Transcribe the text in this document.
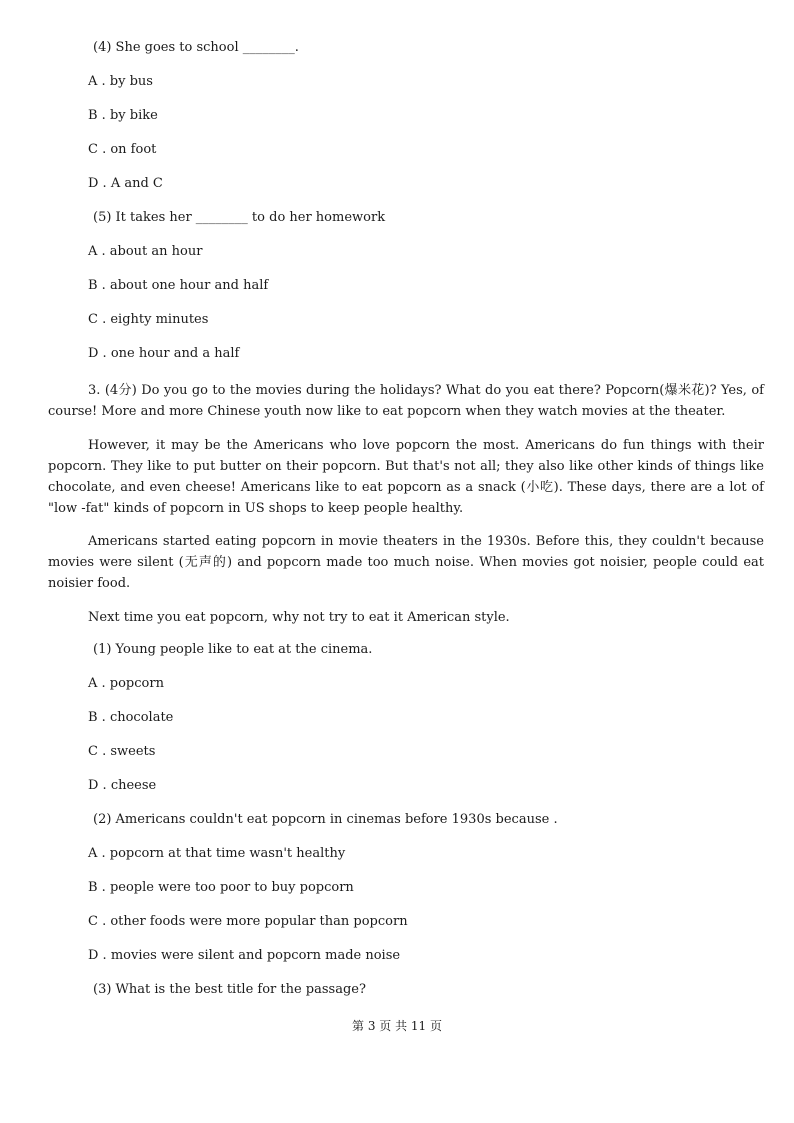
(4) She goes to school ________.
A . by bus
B . by bike
C . on foot
D . A and C
(5) It takes her ________ to do her homework
A . about an hour
B . about one hour and half
C . eighty minutes
D . one hour and a half
3. (4分) Do you go to the movies during the holidays? What do you eat there? Popcorn(爆米花)? Yes, of course! More and more Chinese youth now like to eat popcorn when they watch movies at the theater.
However, it may be the Americans who love popcorn the most. Americans do fun things with their popcorn. They like to put butter on their popcorn. But that's not all; they also like other kinds of things like chocolate, and even cheese! Americans like to eat popcorn as a snack (小吃). These days, there are a lot of "low -fat" kinds of popcorn in US shops to keep people healthy.
Americans started eating popcorn in movie theaters in the 1930s. Before this, they couldn't because movies were silent (无声的) and popcorn made too much noise. When movies got noisier, people could eat noisier food.
Next time you eat popcorn, why not try to eat it American style.
(1) Young people like to eat at the cinema.
A . popcorn
B . chocolate
C . sweets
D . cheese
(2) Americans couldn't eat popcorn in cinemas before 1930s because .
A . popcorn at that time wasn't healthy
B . people were too poor to buy popcorn
C . other foods were more popular than popcorn
D . movies were silent and popcorn made noise
(3) What is the best title for the passage?
第 3 页 共 11 页
